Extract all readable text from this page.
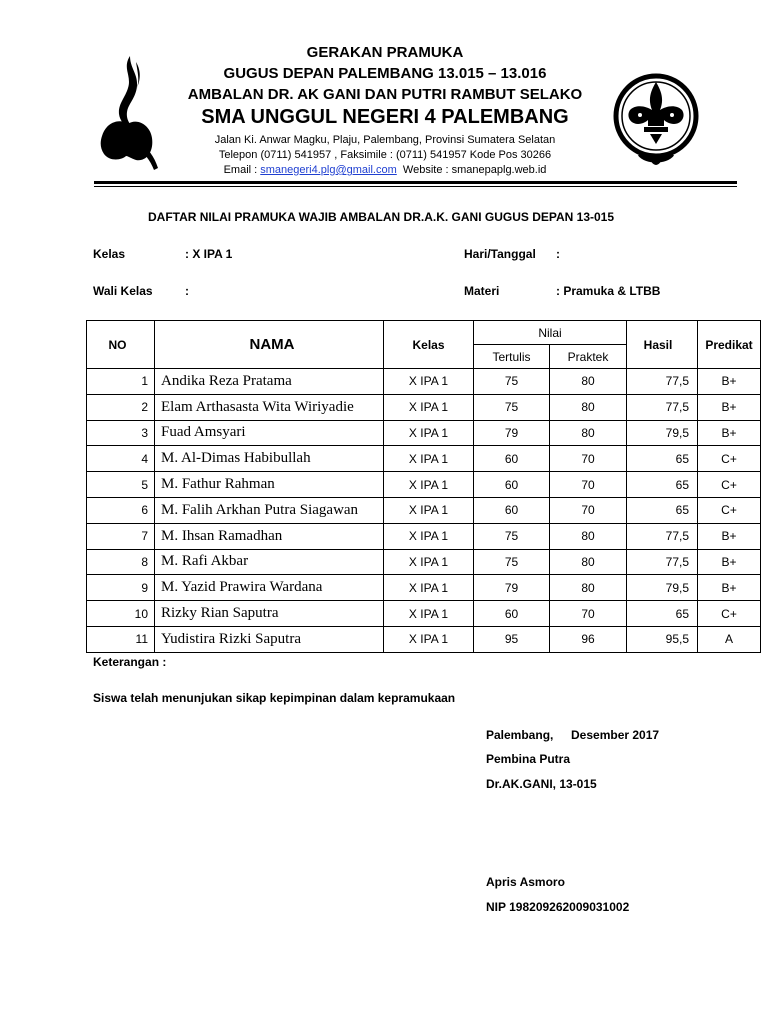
GERAKAN PRAMUKA
GUGUS DEPAN PALEMBANG 13.015 – 13.016
AMBALAN DR. AK GANI DAN PUTRI RAMBUT SELAKO
SMA UNGGUL NEGERI 4 PALEMBANG
Jalan Ki. Anwar Magku, Plaju, Palembang, Provinsi Sumatera Selatan
Telepon (0711) 541957 , Faksimile : (0711) 541957 Kode Pos 30266
Email : smanegeri4.plg@gmail.com Website : smanepaplg.web.id
DAFTAR NILAI PRAMUKA WAJIB AMBALAN DR.A.K. GANI GUGUS DEPAN 13-015
Kelas	: X IPA 1	Hari/Tanggal :
Wali Kelas	:	Materi	: Pramuka & LTBB
NO	NAMA	Kelas	Nilai		Hasil	Predikat
			Tertulis	Praktek		
1	Andika Reza Pratama	X IPA 1	75	80	77,5	B+
2	Elam Arthasasta Wita Wiriyadie	X IPA 1	75	80	77,5	B+
3	Fuad Amsyari	X IPA 1	79	80	79,5	B+
4	M. Al-Dimas Habibullah	X IPA 1	60	70	65	C+
5	M. Fathur Rahman	X IPA 1	60	70	65	C+
6	M. Falih Arkhan Putra Siagawan	X IPA 1	60	70	65	C+
7	M. Ihsan Ramadhan	X IPA 1	75	80	77,5	B+
8	M. Rafi Akbar	X IPA 1	75	80	77,5	B+
9	M. Yazid Prawira Wardana	X IPA 1	79	80	79,5	B+
10	Rizky Rian Saputra	X IPA 1	60	70	65	C+
11	Yudistira Rizki Saputra	X IPA 1	95	96	95,5	A
Keterangan :
Siswa telah menunjukan sikap kepimpinan dalam kepramukaan
Palembang, Desember 2017
Pembina Putra
Dr.AK.GANI, 13-015
Apris Asmoro
NIP 198209262009031002
